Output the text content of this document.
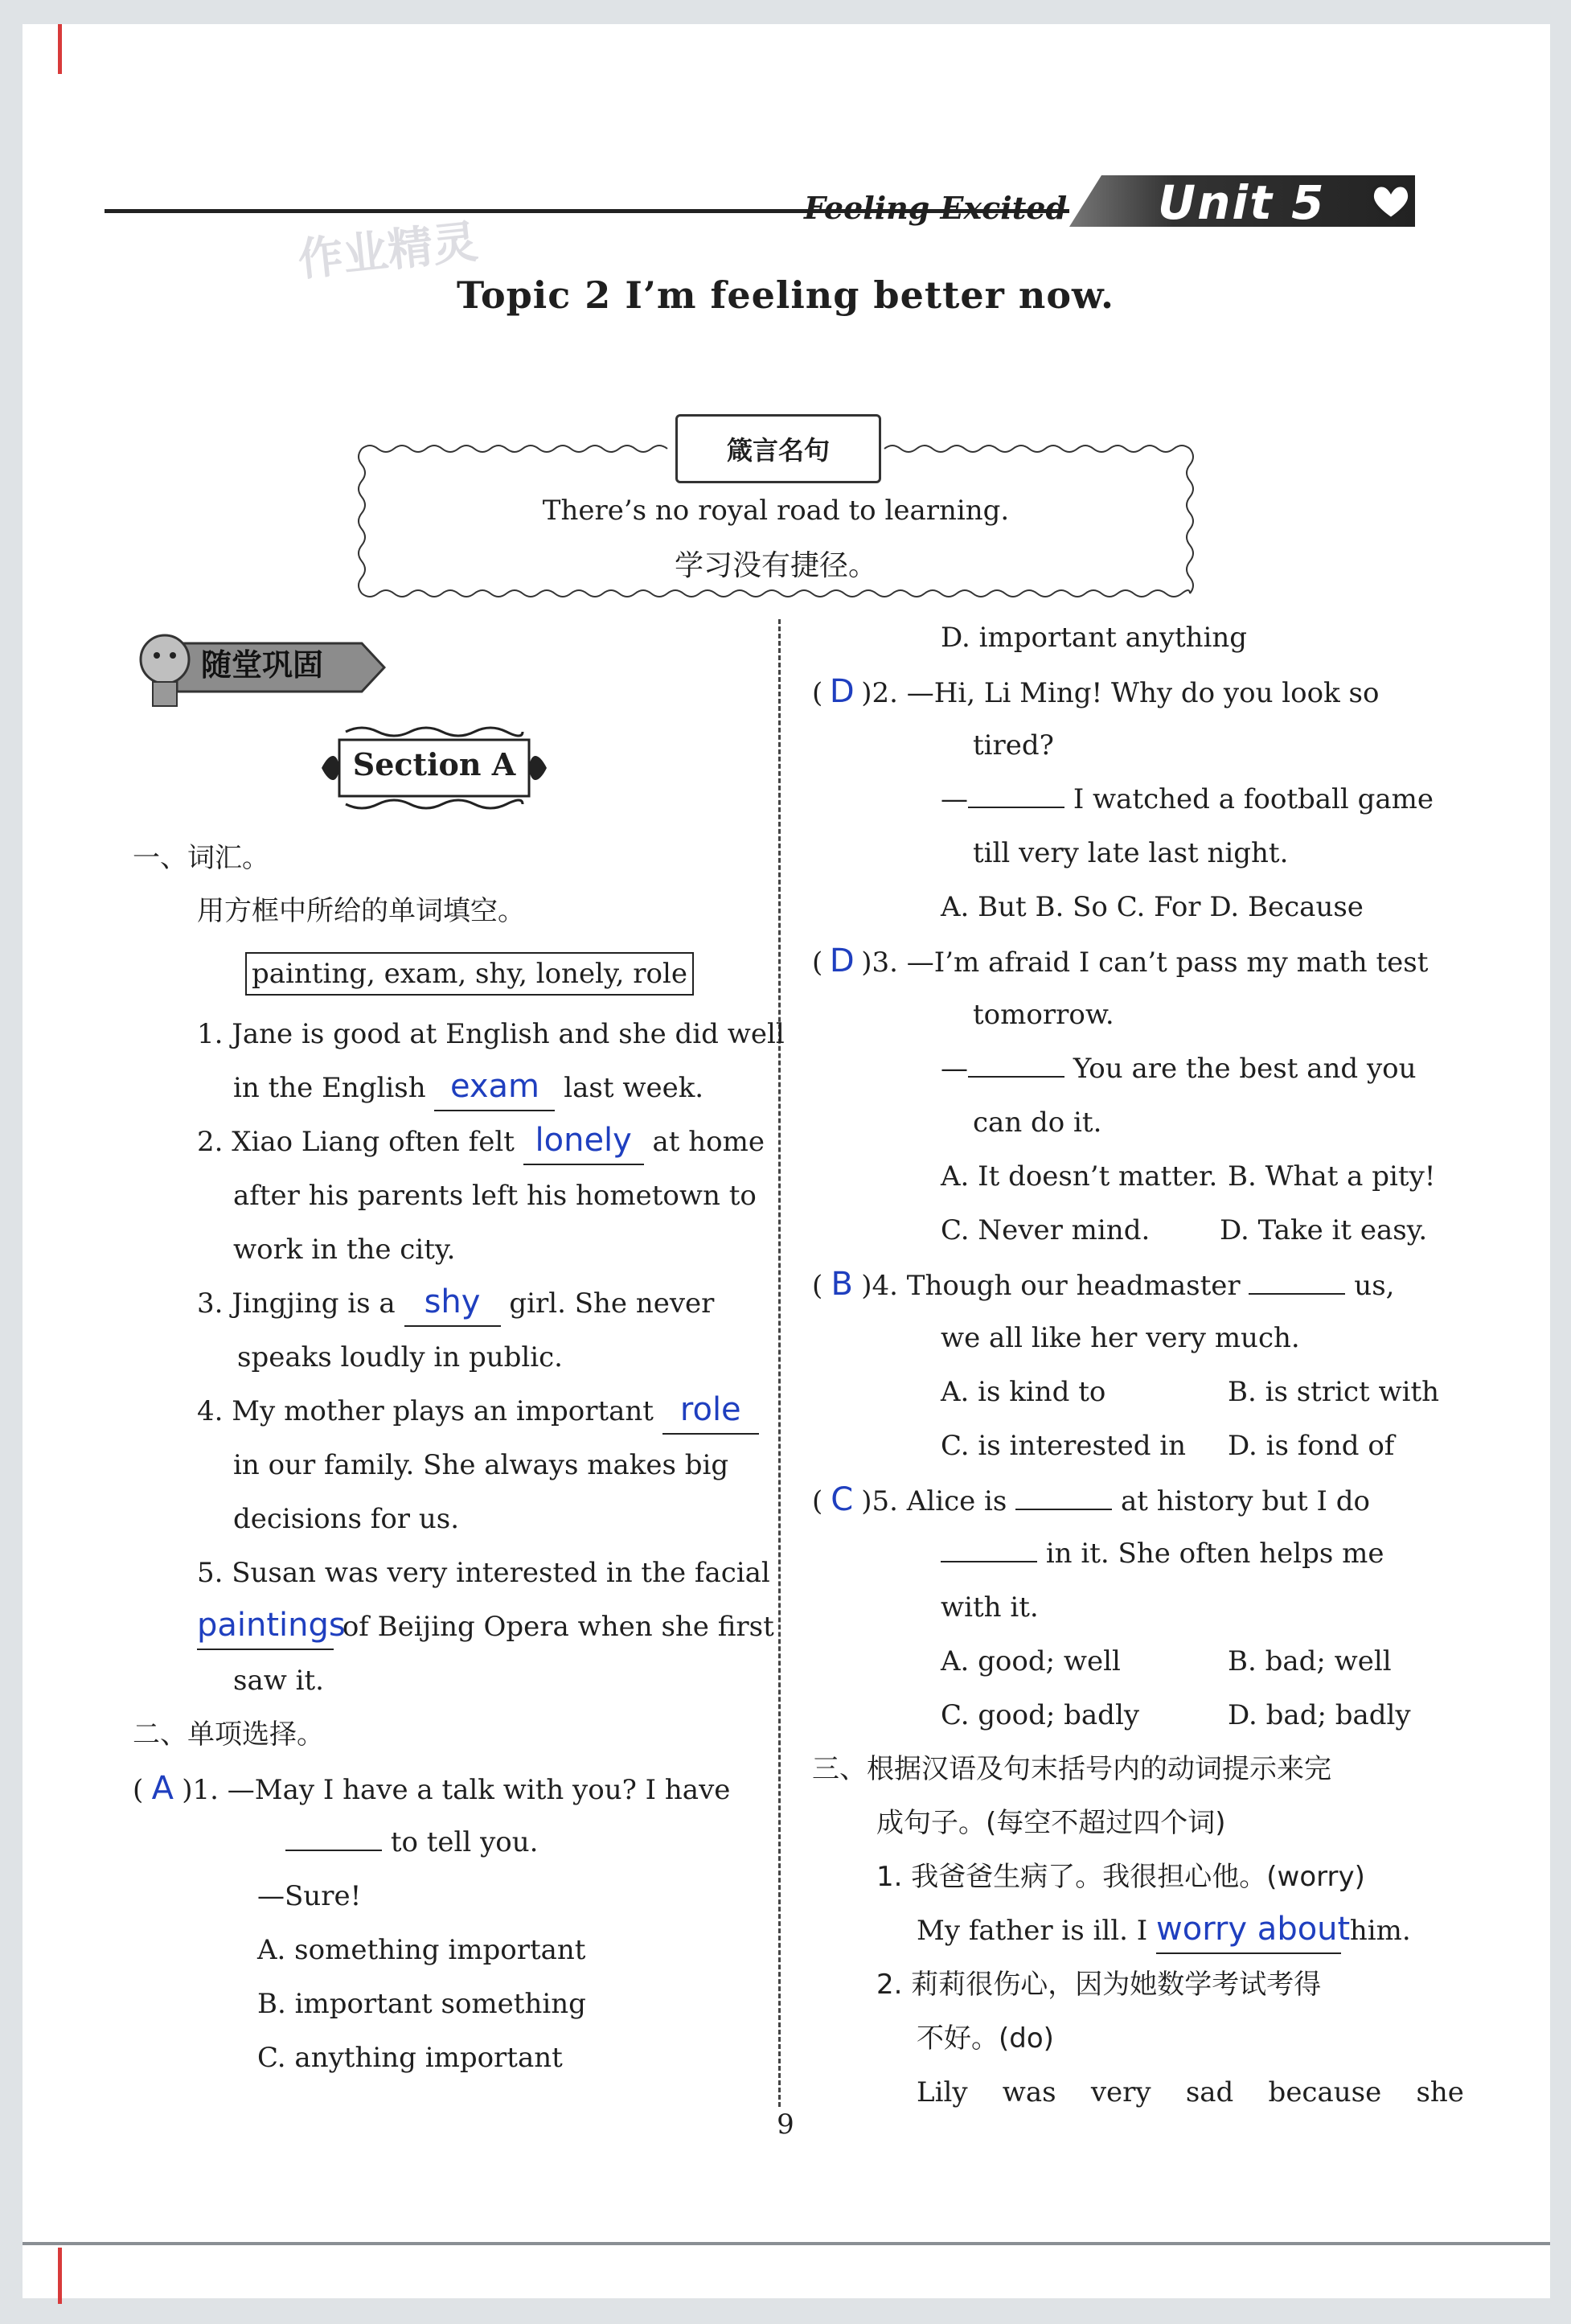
Feeling Excited Unit 5
作业精灵
Topic 2 I’m feeling better now.
箴言名句
There’s no royal road to learning.
学习没有捷径。
随堂巩固
Section A
一、词汇。
用方框中所给的单词填空。
painting, exam, shy, lonely, role
1. Jane is good at English and she did well
in the English exam last week.
2. Xiao Liang often felt lonely at home
after his parents left his hometown to
work in the city.
3. Jingjing is a shy girl. She never
speaks loudly in public.
4. My mother plays an important role
in our family. She always makes big
decisions for us.
5. Susan was very interested in the facial
paintings of Beijing Opera when she first
saw it.
二、单项选择。
( A )1. —May I have a talk with you? I have
to tell you.
—Sure!
A. something important
B. important something
C. anything important
D. important anything
( D )2. —Hi, Li Ming! Why do you look so
tired?
—	I watched a football game
till very late last night.
A. But B. So C. For D. Because
( D )3. —I’m afraid I can’t pass my math test
tomorrow.
—	You are the best and you
can do it.
A. It doesn’t matter. B. What a pity!
C. Never mind.	D. Take it easy.
( B )4. Though our headmaster	us,
we all like her very much.
A. is kind to	B. is strict with
C. is interested in D. is fond of
( C )5. Alice is	at history but I do
in it. She often helps me
with it.
A. good; well	B. bad; well
C. good; badly	D. bad; badly
三、根据汉语及句末括号内的动词提示来完
成句子。(每空不超过四个词)
1. 我爸爸生病了。我很担心他。(worry)
My father is ill. I worry about him.
2. 莉莉很伤心，因为她数学考试考得
不好。(do)
Lily    was    very    sad    because    she
9
